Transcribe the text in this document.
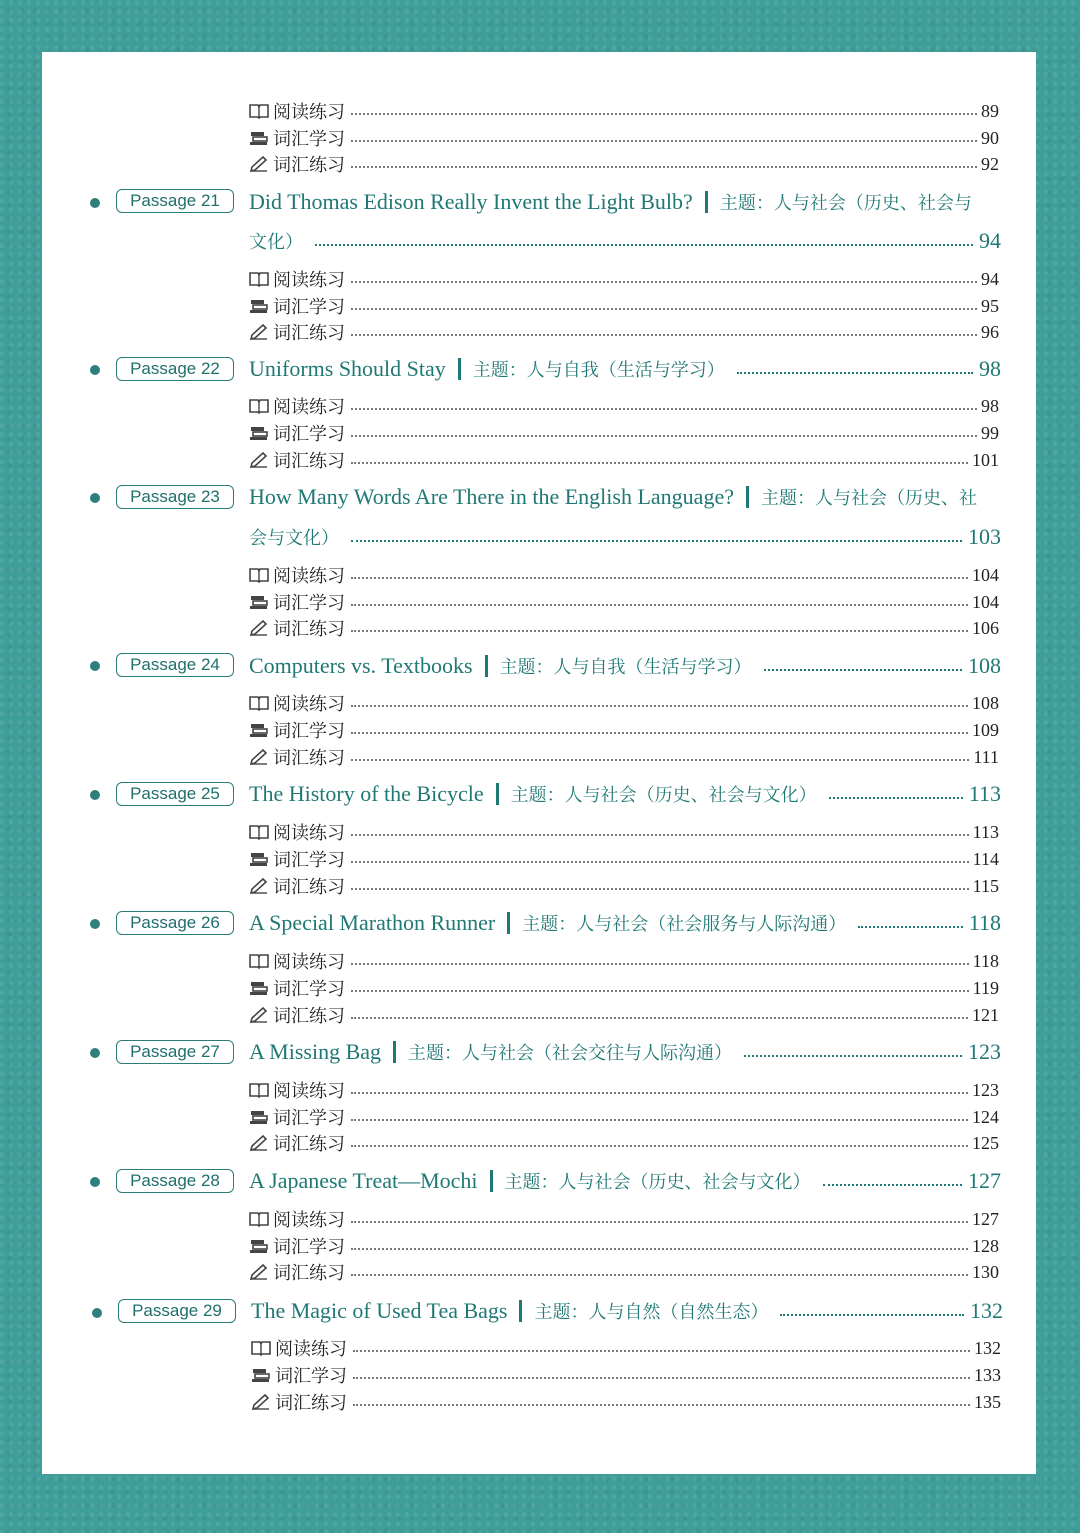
阅读练习	89
词汇学习	90
词汇练习	92
Passage 21	Did Thomas Edison Really Invent the Light Bulb? 主题：人与社会（历史、社会与
文化）	94
阅读练习	94
词汇学习	95
词汇练习	96
Passage 22	Uniforms Should Stay 主题：人与自我（生活与学习）	98
阅读练习	98
词汇学习	99
词汇练习	101
Passage 23	How Many Words Are There in the English Language? 主题：人与社会（历史、社
会与文化）	103
阅读练习	104
词汇学习	104
词汇练习	106
Passage 24	Computers vs. Textbooks 主题：人与自我（生活与学习）	108
阅读练习	108
词汇学习	109
词汇练习	111
Passage 25	The History of the Bicycle 主题：人与社会（历史、社会与文化）	113
阅读练习	113
词汇学习	114
词汇练习	115
Passage 26	A Special Marathon Runner 主题：人与社会（社会服务与人际沟通）	118
阅读练习	118
词汇学习	119
词汇练习	121
Passage 27	A Missing Bag 主题：人与社会（社会交往与人际沟通）	123
阅读练习	123
词汇学习	124
词汇练习	125
Passage 28	A Japanese Treat—Mochi 主题：人与社会（历史、社会与文化）	127
阅读练习	127
词汇学习	128
词汇练习	130
Passage 29	The Magic of Used Tea Bags 主题：人与自然（自然生态）	132
阅读练习	132
词汇学习	133
词汇练习	135
